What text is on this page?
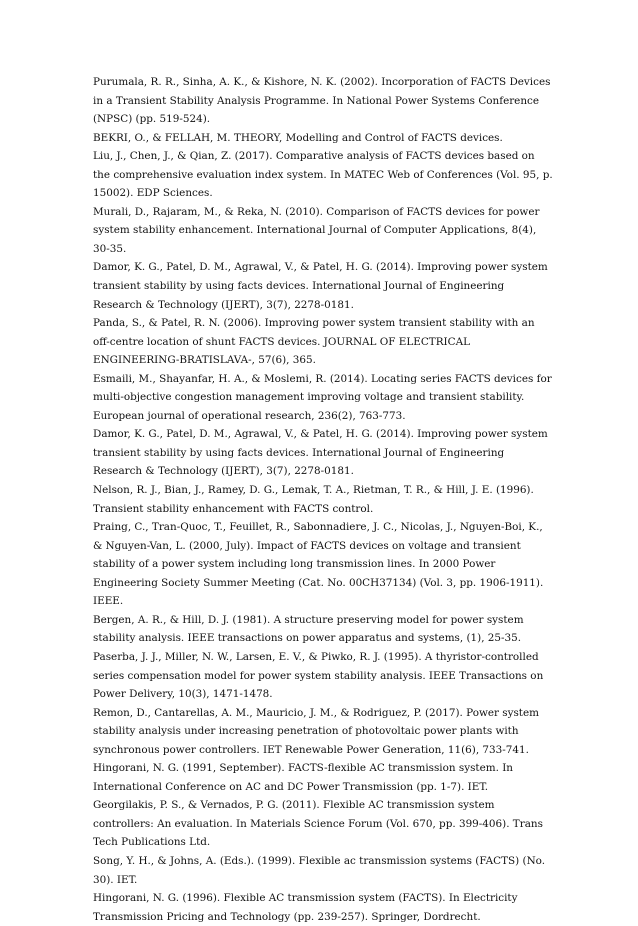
Purumala, R. R., Sinha, A. K., & Kishore, N. K. (2002). Incorporation of FACTS Devices in a Transient Stability Analysis Programme. In National Power Systems Conference (NPSC) (pp. 519-524).

BEKRI, O., & FELLAH, M. THEORY, Modelling and Control of FACTS devices.

Liu, J., Chen, J., & Qian, Z. (2017). Comparative analysis of FACTS devices based on the comprehensive evaluation index system. In MATEC Web of Conferences (Vol. 95, p. 15002). EDP Sciences.

Murali, D., Rajaram, M., & Reka, N. (2010). Comparison of FACTS devices for power system stability enhancement. International Journal of Computer Applications, 8(4), 30-35.

Damor, K. G., Patel, D. M., Agrawal, V., & Patel, H. G. (2014). Improving power system transient stability by using facts devices. International Journal of Engineering Research & Technology (IJERT), 3(7), 2278-0181.

Panda, S., & Patel, R. N. (2006). Improving power system transient stability with an off-centre location of shunt FACTS devices. JOURNAL OF ELECTRICAL ENGINEERING-BRATISLAVA-, 57(6), 365.

Esmaili, M., Shayanfar, H. A., & Moslemi, R. (2014). Locating series FACTS devices for multi-objective congestion management improving voltage and transient stability. European journal of operational research, 236(2), 763-773.

Damor, K. G., Patel, D. M., Agrawal, V., & Patel, H. G. (2014). Improving power system transient stability by using facts devices. International Journal of Engineering Research & Technology (IJERT), 3(7), 2278-0181.

Nelson, R. J., Bian, J., Ramey, D. G., Lemak, T. A., Rietman, T. R., & Hill, J. E. (1996). Transient stability enhancement with FACTS control.

Praing, C., Tran-Quoc, T., Feuillet, R., Sabonnadiere, J. C., Nicolas, J., Nguyen-Boi, K., & Nguyen-Van, L. (2000, July). Impact of FACTS devices on voltage and transient stability of a power system including long transmission lines. In 2000 Power Engineering Society Summer Meeting (Cat. No. 00CH37134) (Vol. 3, pp. 1906-1911). IEEE.

Bergen, A. R., & Hill, D. J. (1981). A structure preserving model for power system stability analysis. IEEE transactions on power apparatus and systems, (1), 25-35.

Paserba, J. J., Miller, N. W., Larsen, E. V., & Piwko, R. J. (1995). A thyristor-controlled series compensation model for power system stability analysis. IEEE Transactions on Power Delivery, 10(3), 1471-1478.

Remon, D., Cantarellas, A. M., Mauricio, J. M., & Rodriguez, P. (2017). Power system stability analysis under increasing penetration of photovoltaic power plants with synchronous power controllers. IET Renewable Power Generation, 11(6), 733-741.

Hingorani, N. G. (1991, September). FACTS-flexible AC transmission system. In International Conference on AC and DC Power Transmission (pp. 1-7). IET.

Georgilakis, P. S., & Vernados, P. G. (2011). Flexible AC transmission system controllers: An evaluation. In Materials Science Forum (Vol. 670, pp. 399-406). Trans Tech Publications Ltd.

Song, Y. H., & Johns, A. (Eds.). (1999). Flexible ac transmission systems (FACTS) (No. 30). IET.

Hingorani, N. G. (1996). Flexible AC transmission system (FACTS). In Electricity Transmission Pricing and Technology (pp. 239-257). Springer, Dordrecht.
